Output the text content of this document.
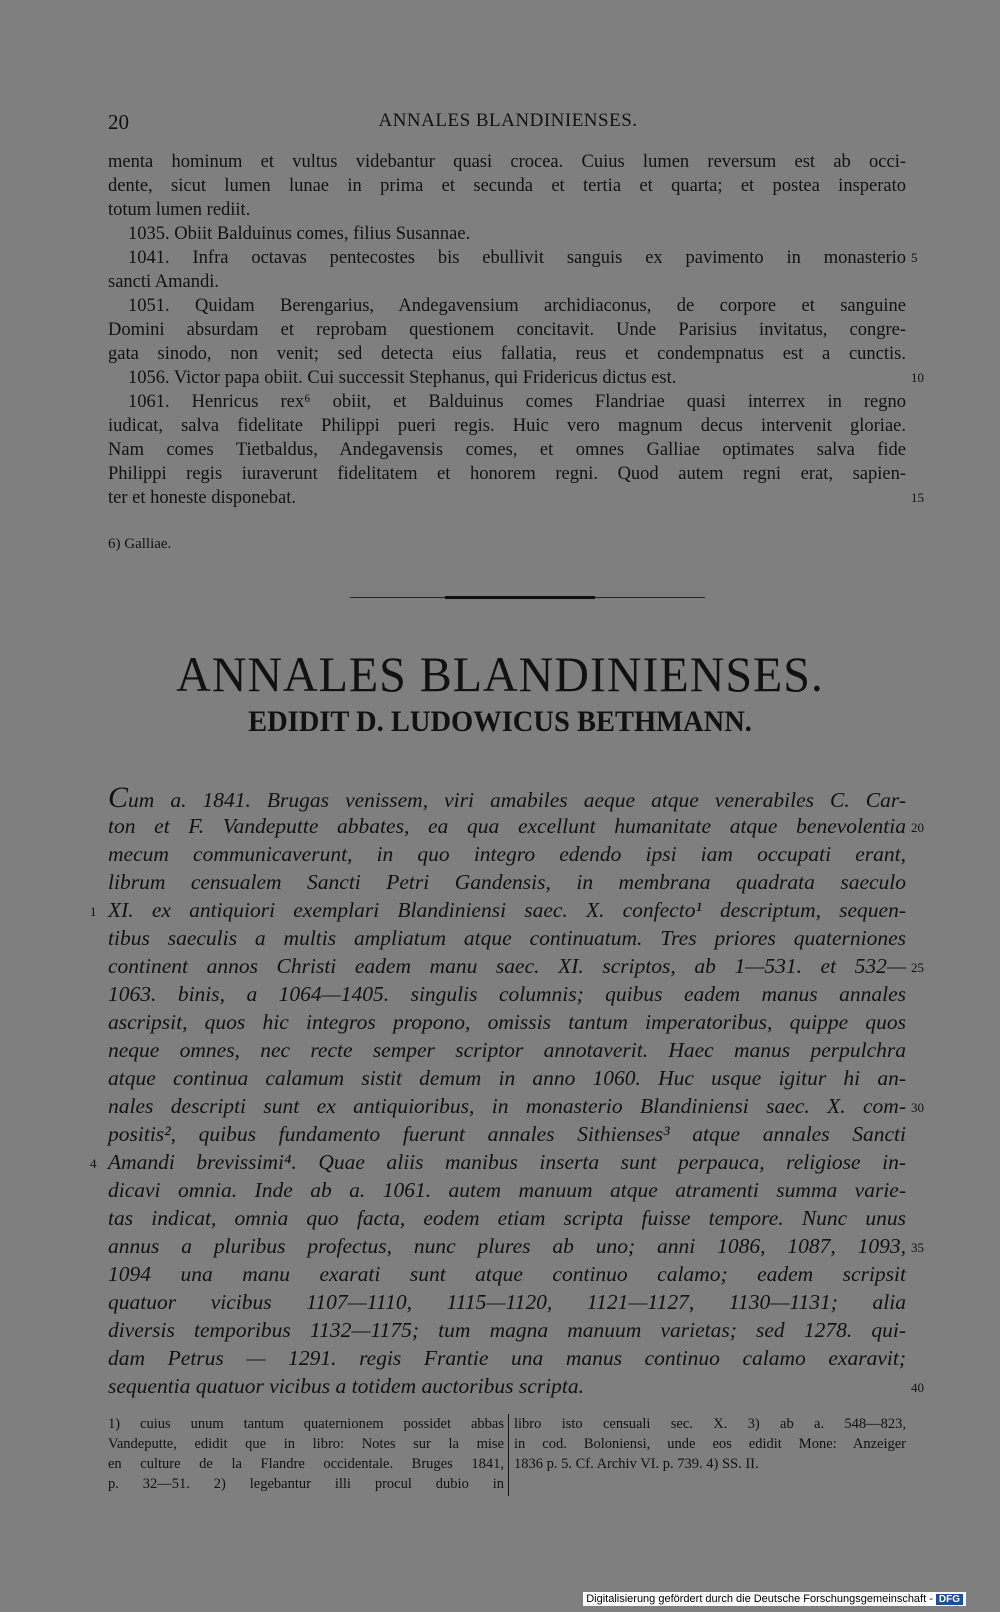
20	ANNALES BLANDINIENSES.
menta hominum et vultus videbantur quasi crocea. Cuius lumen reversum est ab occi-
dente, sicut lumen lunae in prima et secunda et tertia et quarta; et postea insperato
totum lumen rediit.
1035. Obiit Balduinus comes, filius Susannae.
1041. Infra octavas pentecostes bis ebullivit sanguis ex pavimento in monasterio
sancti Amandi.
1051. Quidam Berengarius, Andegavensium archidiaconus, de corpore et sanguine
Domini absurdam et reprobam questionem concitavit. Unde Parisius invitatus, congre-
gata sinodo, non venit; sed detecta eius fallatia, reus et condempnatus est a cunctis.
1056. Victor papa obiit. Cui successit Stephanus, qui Fridericus dictus est.
1061. Henricus rex⁶ obiit, et Balduinus comes Flandriae quasi interrex in regno
iudicat, salva fidelitate Philippi pueri regis. Huic vero magnum decus intervenit gloriae.
Nam comes Tietbaldus, Andegavensis comes, et omnes Galliae optimates salva fide
Philippi regis iuraverunt fidelitatem et honorem regni. Quod autem regni erat, sapien-
ter et honeste disponebat.
5
10
15
6) Galliae.
ANNALES BLANDINIENSES.
EDIDIT D. LUDOWICUS BETHMANN.
Cum a. 1841. Brugas venissem, viri amabiles aeque atque venerabiles C. Car-
ton et F. Vandeputte abbates, ea qua excellunt humanitate atque benevolentia
mecum communicaverunt, in quo integro edendo ipsi iam occupati erant,
librum censualem Sancti Petri Gandensis, in membrana quadrata saeculo
XI. ex antiquiori exemplari Blandiniensi saec. X. confecto¹ descriptum, sequen-
tibus saeculis a multis ampliatum atque continuatum. Tres priores quaterniones
continent annos Christi eadem manu saec. XI. scriptos, ab 1—531. et 532—
1063. binis, a 1064—1405. singulis columnis; quibus eadem manus annales
ascripsit, quos hic integros propono, omissis tantum imperatoribus, quippe quos
neque omnes, nec recte semper scriptor annotaverit. Haec manus perpulchra
atque continua calamum sistit demum in anno 1060. Huc usque igitur hi an-
nales descripti sunt ex antiquioribus, in monasterio Blandiniensi saec. X. com-
positis², quibus fundamento fuerunt annales Sithienses³ atque annales Sancti
Amandi brevissimi⁴. Quae aliis manibus inserta sunt perpauca, religiose in-
dicavi omnia. Inde ab a. 1061. autem manuum atque atramenti summa varie-
tas indicat, omnia quo facta, eodem etiam scripta fuisse tempore. Nunc unus
annus a pluribus profectus, nunc plures ab uno; anni 1086, 1087, 1093,
1094 una manu exarati sunt atque continuo calamo; eadem scripsit
quatuor vicibus 1107—1110, 1115—1120, 1121—1127, 1130—1131; alia
diversis temporibus 1132—1175; tum magna manuum varietas; sed 1278. qui-
dam Petrus — 1291. regis Frantie una manus continuo calamo exaravit;
sequentia quatuor vicibus a totidem auctoribus scripta.
20
25
30
35
40
1
4
1) cuius unum tantum quaternionem possidet abbas
Vandeputte, edidit que in libro: Notes sur la mise
en culture de la Flandre occidentale. Bruges 1841,
p. 32—51. 2) legebantur illi procul dubio in
libro isto censuali sec. X. 3) ab a. 548—823,
in cod. Boloniensi, unde eos edidit Mone: Anzeiger
1836 p. 5. Cf. Archiv VI. p. 739. 4) SS. II.
Digitalisierung gefördert durch die Deutsche Forschungsgemeinschaft - DFG
